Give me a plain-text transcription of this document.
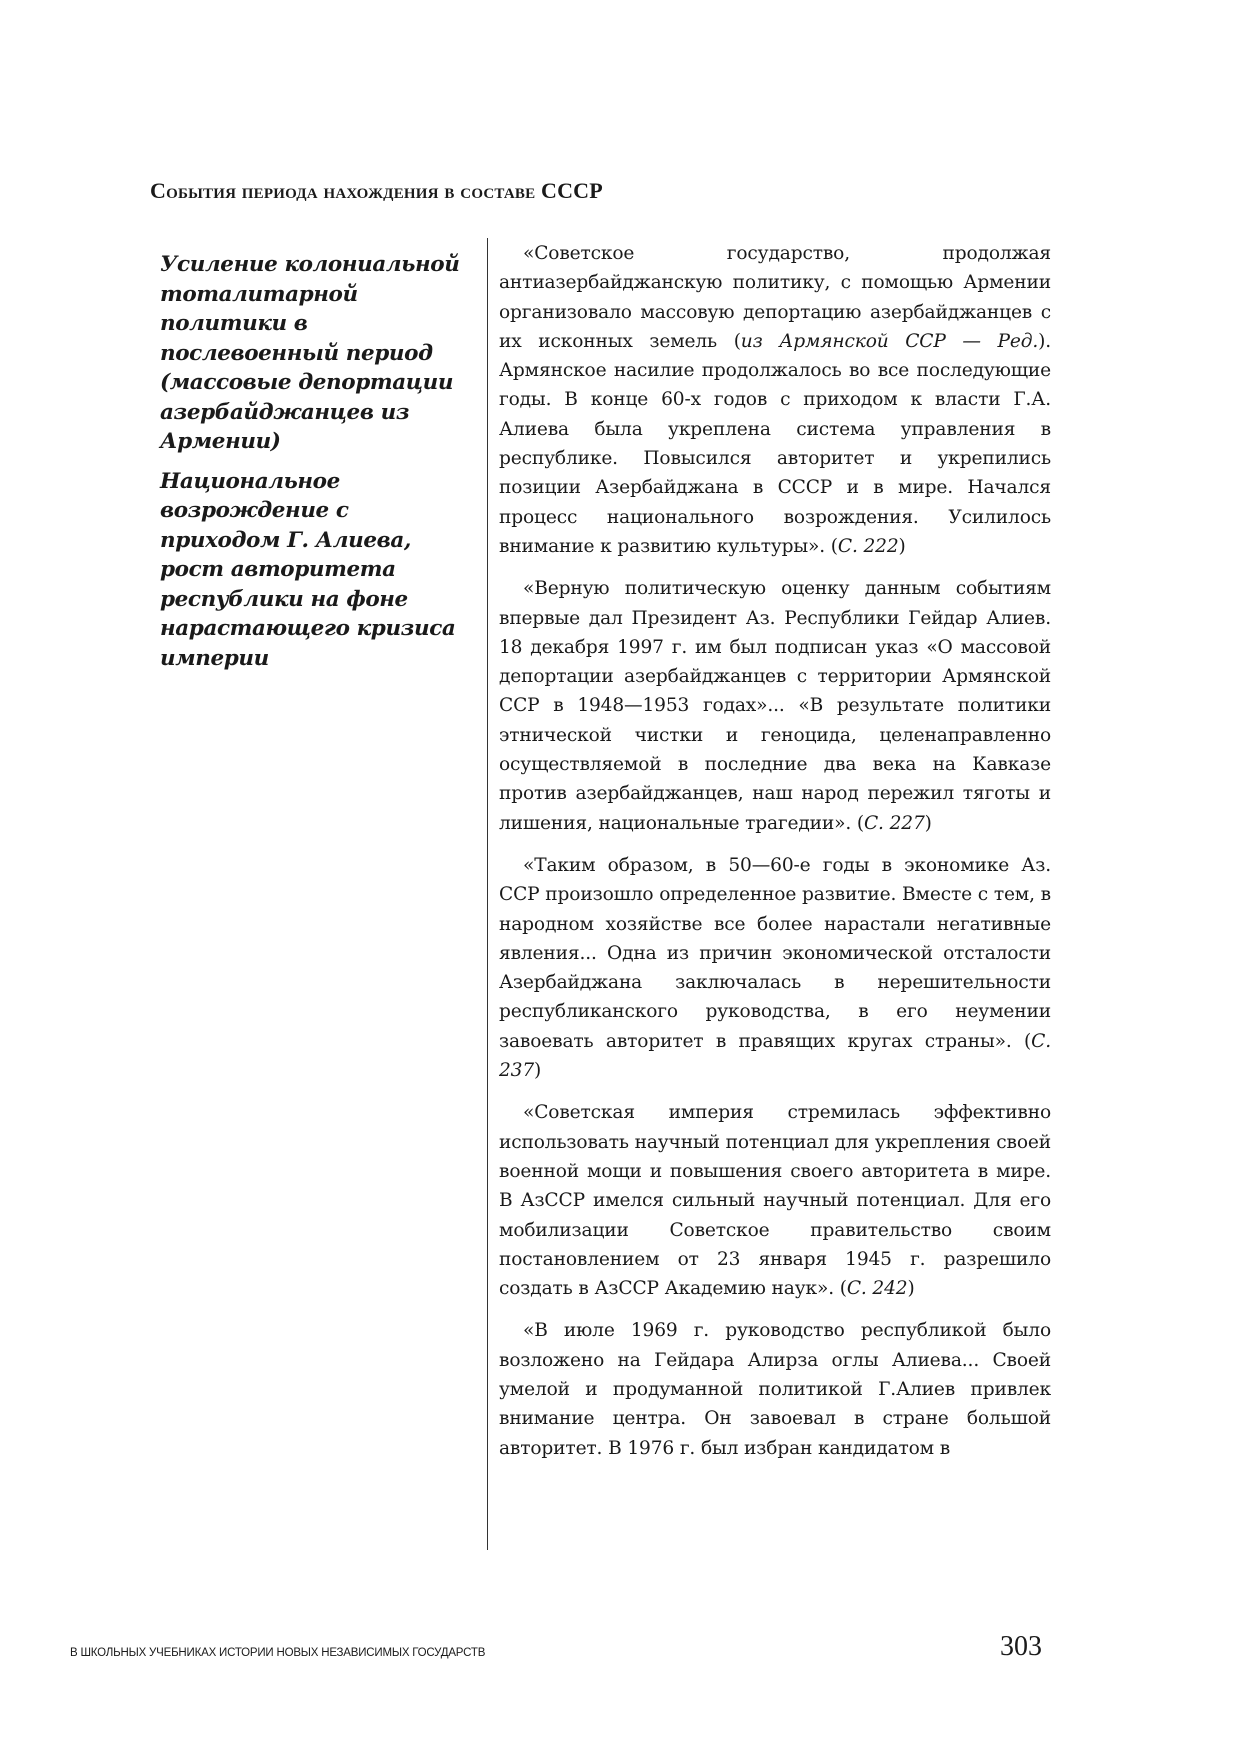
События периода нахождения в составе СССР

Усиление колониальной тоталитарной политики в послевоенный период (массовые депортации азербайджанцев из Армении)

Национальное возрождение с приходом Г. Алиева, рост авторитета республики на фоне нарастающего кризиса империи

«Советское государство, продолжая антиазербайджанскую политику, с помощью Армении организовало массовую депортацию азербайджанцев с их исконных земель (из Армянской ССР — Ред.). Армянское насилие продолжалось во все последующие годы. В конце 60-х годов с приходом к власти Г.А. Алиева была укреплена система управления в республике. Повысился авторитет и укрепились позиции Азербайджана в СССР и в мире. Начался процесс национального возрождения. Усилилось внимание к развитию культуры». (С. 222)

«Верную политическую оценку данным событиям впервые дал Президент Аз. Республики Гейдар Алиев. 18 декабря 1997 г. им был подписан указ «О массовой депортации азербайджанцев с территории Армянской ССР в 1948—1953 годах»... «В результате политики этнической чистки и геноцида, целенаправленно осуществляемой в последние два века на Кавказе против азербайджанцев, наш народ пережил тяготы и лишения, национальные трагедии». (С. 227)

«Таким образом, в 50—60-е годы в экономике Аз. ССР произошло определенное развитие. Вместе с тем, в народном хозяйстве все более нарастали негативные явления... Одна из причин экономической отсталости Азербайджана заключалась в нерешительности республиканского руководства, в его неумении завоевать авторитет в правящих кругах страны». (С. 237)

«Советская империя стремилась эффективно использовать научный потенциал для укрепления своей военной мощи и повышения своего авторитета в мире. В АзССР имелся сильный научный потенциал. Для его мобилизации Советское правительство своим постановлением от 23 января 1945 г. разрешило создать в АзССР Академию наук». (С. 242)

«В июле 1969 г. руководство республикой было возложено на Гейдара Алирза оглы Алиева... Своей умелой и продуманной политикой Г.Алиев привлек внимание центра. Он завоевал в стране большой авторитет. В 1976 г. был избран кандидатом в

В ШКОЛЬНЫХ УЧЕБНИКАХ ИСТОРИИ НОВЫХ НЕЗАВИСИМЫХ ГОСУДАРСТВ	303
